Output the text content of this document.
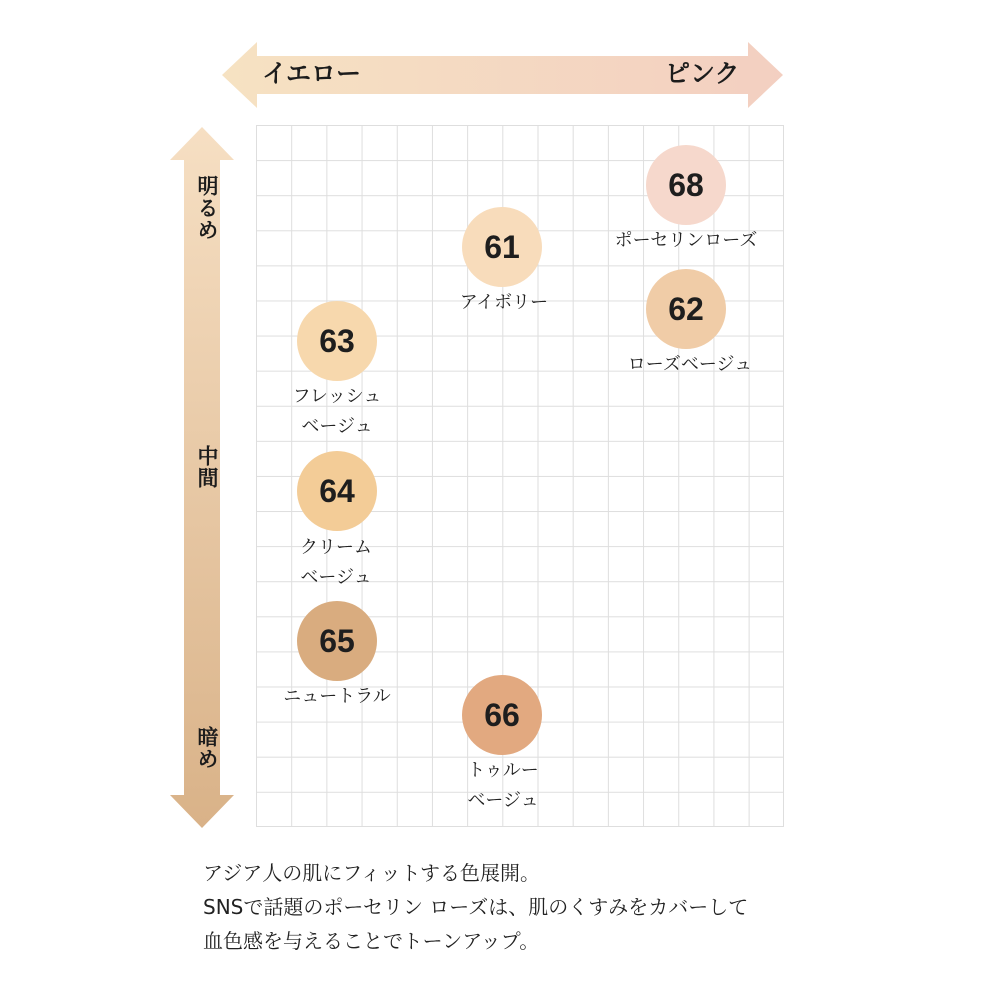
イエロー	ピンク
明るめ
中間
暗め
68
ポーセリンローズ
61
アイボリー	62
ローズベージュ
63
フレッシュ
ベージュ
64
クリーム
ベージュ
65
ニュートラル	66
トゥルー
ベージュ
アジア人の肌にフィットする色展開。
SNSで話題のポーセリン ローズは、肌のくすみをカバーして
血色感を与えることでトーンアップ。
